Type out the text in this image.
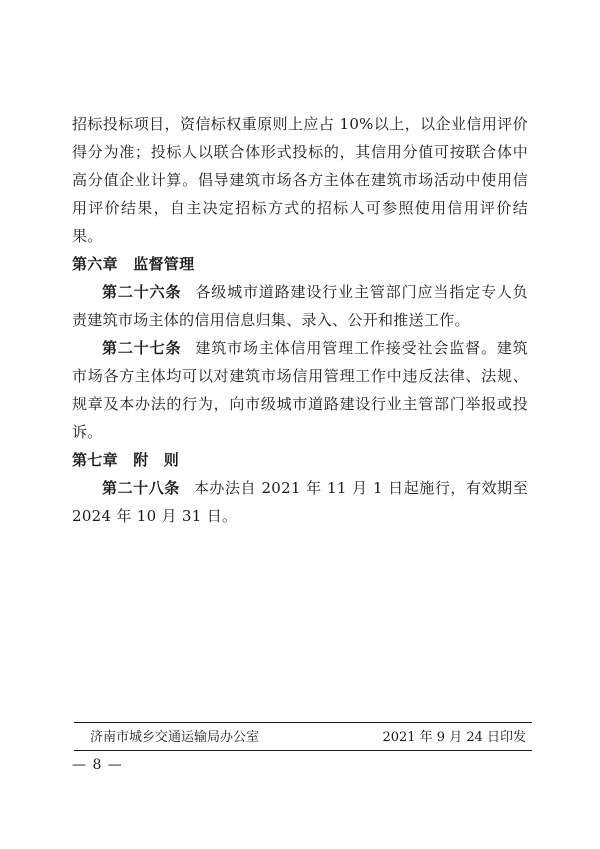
招标投标项目，资信标权重原则上应占 10%以上，以企业信用评价得分为准；投标人以联合体形式投标的，其信用分值可按联合体中高分值企业计算。倡导建筑市场各方主体在建筑市场活动中使用信用评价结果，自主决定招标方式的招标人可参照使用信用评价结果。

第六章　监督管理

第二十六条 各级城市道路建设行业主管部门应当指定专人负责建筑市场主体的信用信息归集、录入、公开和推送工作。

第二十七条 建筑市场主体信用管理工作接受社会监督。建筑市场各方主体均可以对建筑市场信用管理工作中违反法律、法规、规章及本办法的行为，向市级城市道路建设行业主管部门举报或投诉。

第七章　附　则

第二十八条 本办法自 2021 年 11 月 1 日起施行，有效期至 2024 年 10 月 31 日。

济南市城乡交通运输局办公室	2021 年 9 月 24 日印发
— 8 —
